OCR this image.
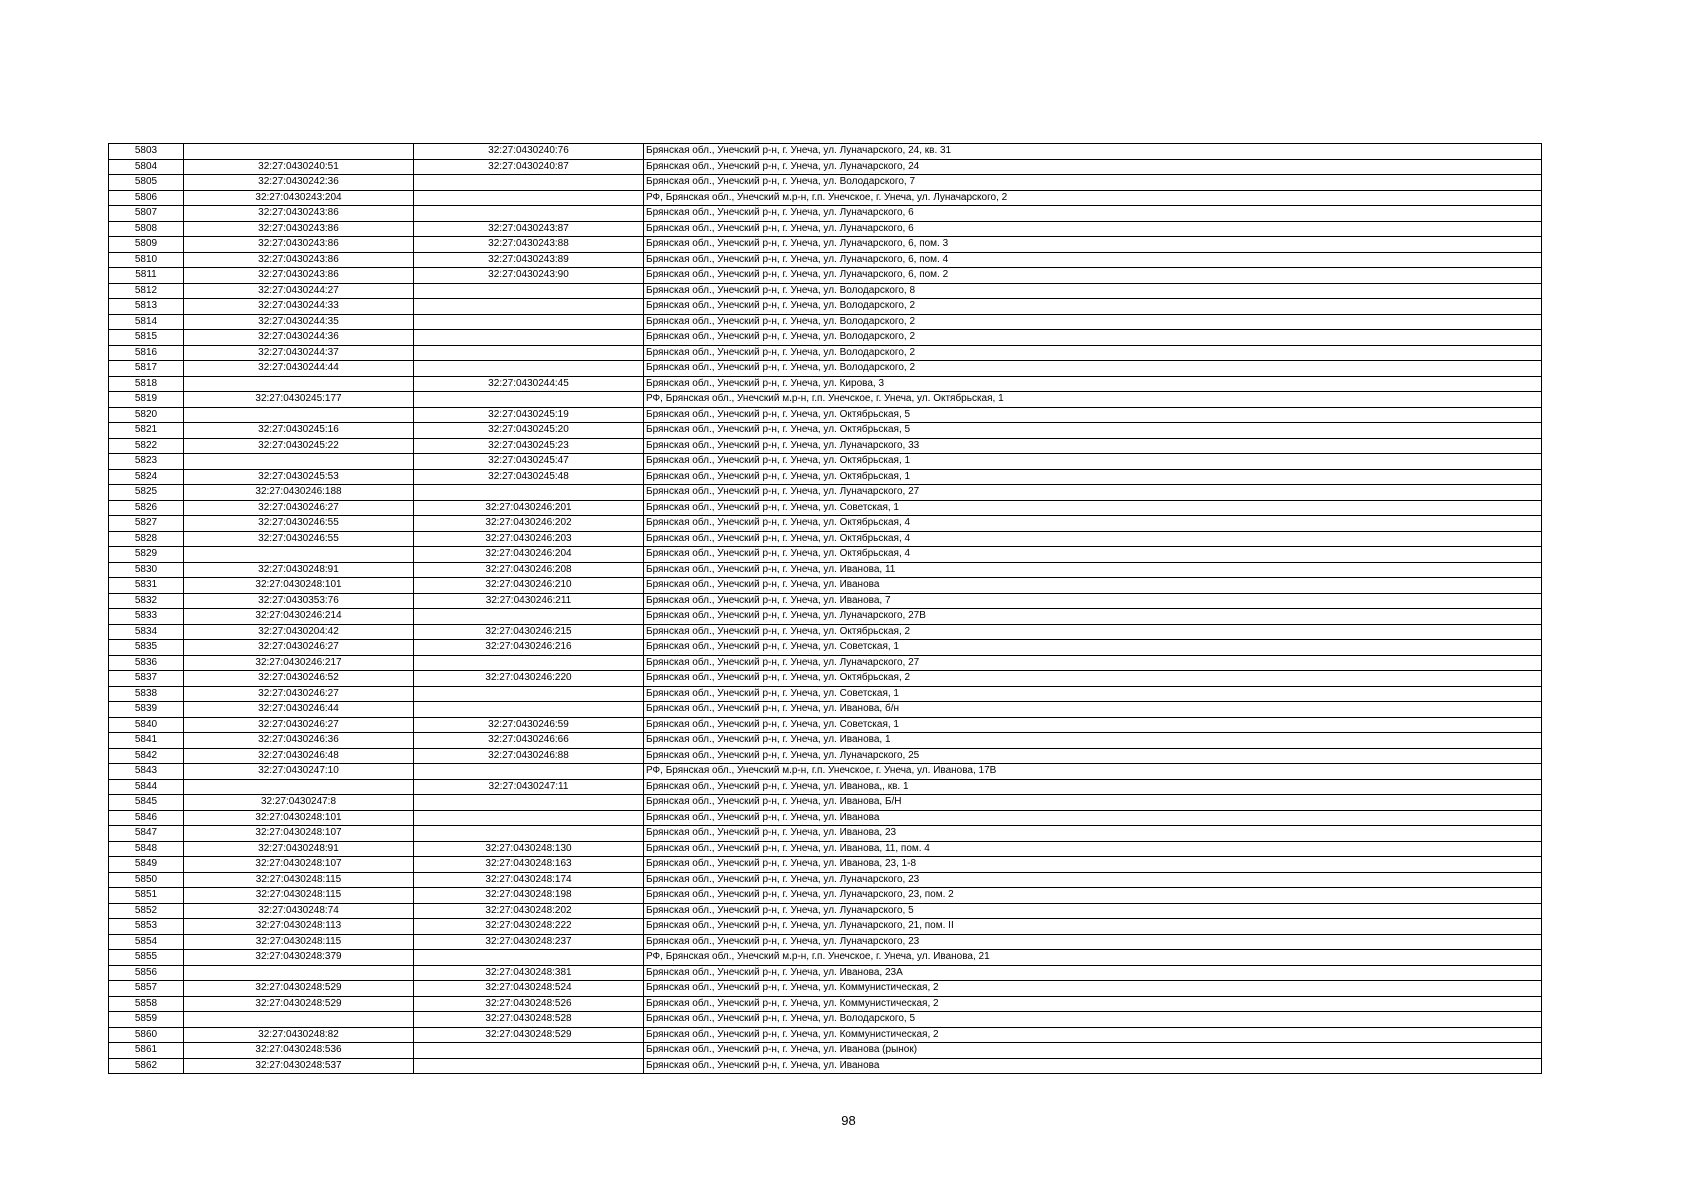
5803		32:27:0430240:76	Брянская обл., Унечский р-н, г. Унеча, ул. Луначарского, 24, кв. 31
5804	32:27:0430240:51	32:27:0430240:87	Брянская обл., Унечский р-н, г. Унеча, ул. Луначарского, 24
5805	32:27:0430242:36		Брянская обл., Унечский р-н, г. Унеча, ул. Володарского, 7
5806	32:27:0430243:204		РФ, Брянская обл., Унечский м.р-н, г.п. Унечское, г. Унеча, ул. Луначарского, 2
5807	32:27:0430243:86		Брянская обл., Унечский р-н, г. Унеча, ул. Луначарского, 6
5808	32:27:0430243:86	32:27:0430243:87	Брянская обл., Унечский р-н, г. Унеча, ул. Луначарского, 6
5809	32:27:0430243:86	32:27:0430243:88	Брянская обл., Унечский р-н, г. Унеча, ул. Луначарского, 6, пом. 3
5810	32:27:0430243:86	32:27:0430243:89	Брянская обл., Унечский р-н, г. Унеча, ул. Луначарского, 6, пом. 4
5811	32:27:0430243:86	32:27:0430243:90	Брянская обл., Унечский р-н, г. Унеча, ул. Луначарского, 6, пом. 2
5812	32:27:0430244:27		Брянская обл., Унечский р-н, г. Унеча, ул. Володарского, 8
5813	32:27:0430244:33		Брянская обл., Унечский р-н, г. Унеча, ул. Володарского, 2
5814	32:27:0430244:35		Брянская обл., Унечский р-н, г. Унеча, ул. Володарского, 2
5815	32:27:0430244:36		Брянская обл., Унечский р-н, г. Унеча, ул. Володарского, 2
5816	32:27:0430244:37		Брянская обл., Унечский р-н, г. Унеча, ул. Володарского, 2
5817	32:27:0430244:44		Брянская обл., Унечский р-н, г. Унеча, ул. Володарского, 2
5818		32:27:0430244:45	Брянская обл., Унечский р-н, г. Унеча, ул. Кирова, 3
5819	32:27:0430245:177		РФ, Брянская обл., Унечский м.р-н, г.п. Унечское, г. Унеча, ул. Октябрьская, 1
5820		32:27:0430245:19	Брянская обл., Унечский р-н, г. Унеча, ул. Октябрьская, 5
5821	32:27:0430245:16	32:27:0430245:20	Брянская обл., Унечский р-н, г. Унеча, ул. Октябрьская, 5
5822	32:27:0430245:22	32:27:0430245:23	Брянская обл., Унечский р-н, г. Унеча, ул. Луначарского, 33
5823		32:27:0430245:47	Брянская обл., Унечский р-н, г. Унеча, ул. Октябрьская, 1
5824	32:27:0430245:53	32:27:0430245:48	Брянская обл., Унечский р-н, г. Унеча, ул. Октябрьская, 1
5825	32:27:0430246:188		Брянская обл., Унечский р-н, г. Унеча, ул. Луначарского, 27
5826	32:27:0430246:27	32:27:0430246:201	Брянская обл., Унечский р-н, г. Унеча, ул. Советская, 1
5827	32:27:0430246:55	32:27:0430246:202	Брянская обл., Унечский р-н, г. Унеча, ул. Октябрьская, 4
5828	32:27:0430246:55	32:27:0430246:203	Брянская обл., Унечский р-н, г. Унеча, ул. Октябрьская, 4
5829		32:27:0430246:204	Брянская обл., Унечский р-н, г. Унеча, ул. Октябрьская, 4
5830	32:27:0430248:91	32:27:0430246:208	Брянская обл., Унечский р-н, г. Унеча, ул. Иванова, 11
5831	32:27:0430248:101	32:27:0430246:210	Брянская обл., Унечский р-н, г. Унеча, ул. Иванова
5832	32:27:0430353:76	32:27:0430246:211	Брянская обл., Унечский р-н, г. Унеча, ул. Иванова, 7
5833	32:27:0430246:214		Брянская обл., Унечский р-н, г. Унеча, ул. Луначарского, 27В
5834	32:27:0430204:42	32:27:0430246:215	Брянская обл., Унечский р-н, г. Унеча, ул. Октябрьская, 2
5835	32:27:0430246:27	32:27:0430246:216	Брянская обл., Унечский р-н, г. Унеча, ул. Советская, 1
5836	32:27:0430246:217		Брянская обл., Унечский р-н, г. Унеча, ул. Луначарского, 27
5837	32:27:0430246:52	32:27:0430246:220	Брянская обл., Унечский р-н, г. Унеча, ул. Октябрьская, 2
5838	32:27:0430246:27		Брянская обл., Унечский р-н, г. Унеча, ул. Советская, 1
5839	32:27:0430246:44		Брянская обл., Унечский р-н, г. Унеча, ул. Иванова, б/н
5840	32:27:0430246:27	32:27:0430246:59	Брянская обл., Унечский р-н, г. Унеча, ул. Советская, 1
5841	32:27:0430246:36	32:27:0430246:66	Брянская обл., Унечский р-н, г. Унеча, ул. Иванова, 1
5842	32:27:0430246:48	32:27:0430246:88	Брянская обл., Унечский р-н, г. Унеча, ул. Луначарского, 25
5843	32:27:0430247:10		РФ, Брянская обл., Унечский м.р-н, г.п. Унечское, г. Унеча, ул. Иванова, 17В
5844		32:27:0430247:11	Брянская обл., Унечский р-н, г. Унеча, ул. Иванова,, кв. 1
5845	32:27:0430247:8		Брянская обл., Унечский р-н, г. Унеча, ул. Иванова, Б/Н
5846	32:27:0430248:101		Брянская обл., Унечский р-н, г. Унеча, ул. Иванова
5847	32:27:0430248:107		Брянская обл., Унечский р-н, г. Унеча, ул. Иванова, 23
5848	32:27:0430248:91	32:27:0430248:130	Брянская обл., Унечский р-н, г. Унеча, ул. Иванова, 11, пом. 4
5849	32:27:0430248:107	32:27:0430248:163	Брянская обл., Унечский р-н, г. Унеча, ул. Иванова, 23, 1-8
5850	32:27:0430248:115	32:27:0430248:174	Брянская обл., Унечский р-н, г. Унеча, ул. Луначарского, 23
5851	32:27:0430248:115	32:27:0430248:198	Брянская обл., Унечский р-н, г. Унеча, ул. Луначарского, 23, пом. 2
5852	32:27:0430248:74	32:27:0430248:202	Брянская обл., Унечский р-н, г. Унеча, ул. Луначарского, 5
5853	32:27:0430248:113	32:27:0430248:222	Брянская обл., Унечский р-н, г. Унеча, ул. Луначарского, 21, пом. II
5854	32:27:0430248:115	32:27:0430248:237	Брянская обл., Унечский р-н, г. Унеча, ул. Луначарского, 23
5855	32:27:0430248:379		РФ, Брянская обл., Унечский м.р-н, г.п. Унечское, г. Унеча, ул. Иванова, 21
5856		32:27:0430248:381	Брянская обл., Унечский р-н, г. Унеча, ул. Иванова, 23А
5857	32:27:0430248:529	32:27:0430248:524	Брянская обл., Унечский р-н, г. Унеча, ул. Коммунистическая, 2
5858	32:27:0430248:529	32:27:0430248:526	Брянская обл., Унечский р-н, г. Унеча, ул. Коммунистическая, 2
5859		32:27:0430248:528	Брянская обл., Унечский р-н, г. Унеча, ул. Володарского, 5
5860	32:27:0430248:82	32:27:0430248:529	Брянская обл., Унечский р-н, г. Унеча, ул. Коммунистическая, 2
5861	32:27:0430248:536		Брянская обл., Унечский р-н, г. Унеча, ул. Иванова (рынок)
5862	32:27:0430248:537		Брянская обл., Унечский р-н, г. Унеча, ул. Иванова
98
